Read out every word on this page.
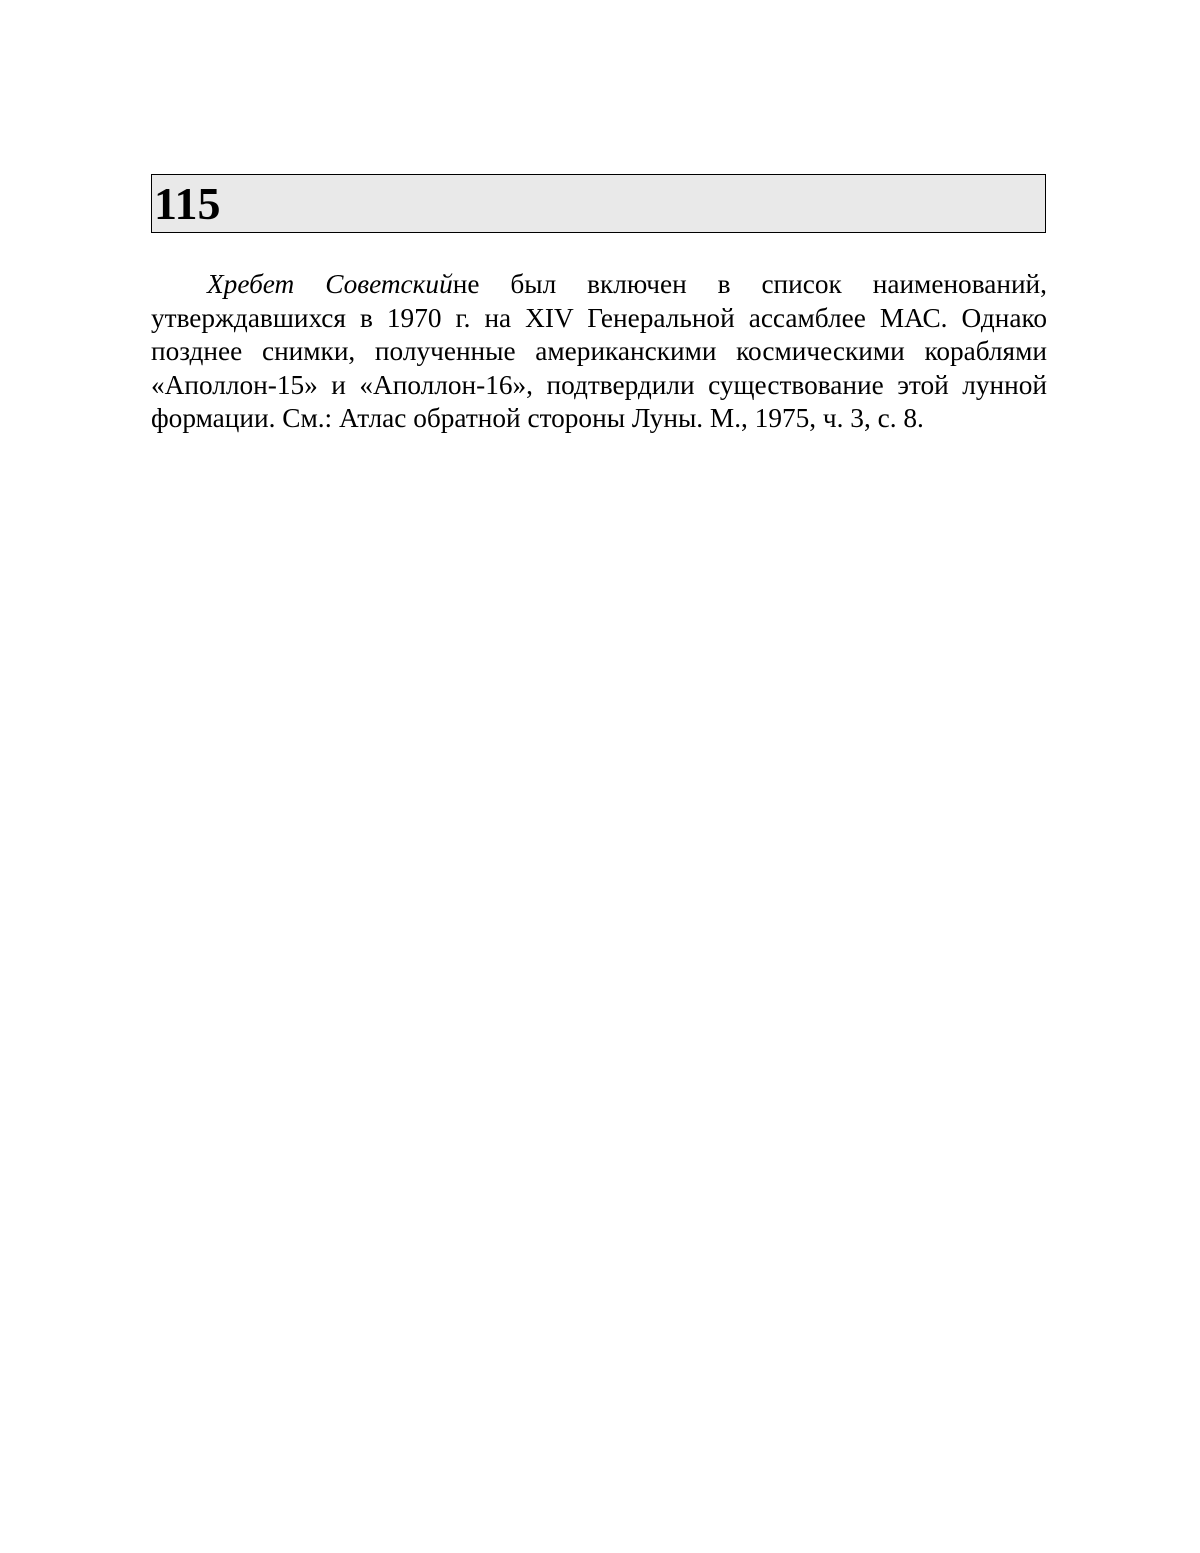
115

Хребет Советскийне был включен в список наименований, утверждавшихся в 1970 г. на XIV Генеральной ассамблее МАС. Однако позднее снимки, полученные американскими космическими кораблями «Аполлон-15» и «Аполлон-16», подтвердили существование этой лунной формации. См.: Атлас обратной стороны Луны. М., 1975, ч. 3, с. 8.
